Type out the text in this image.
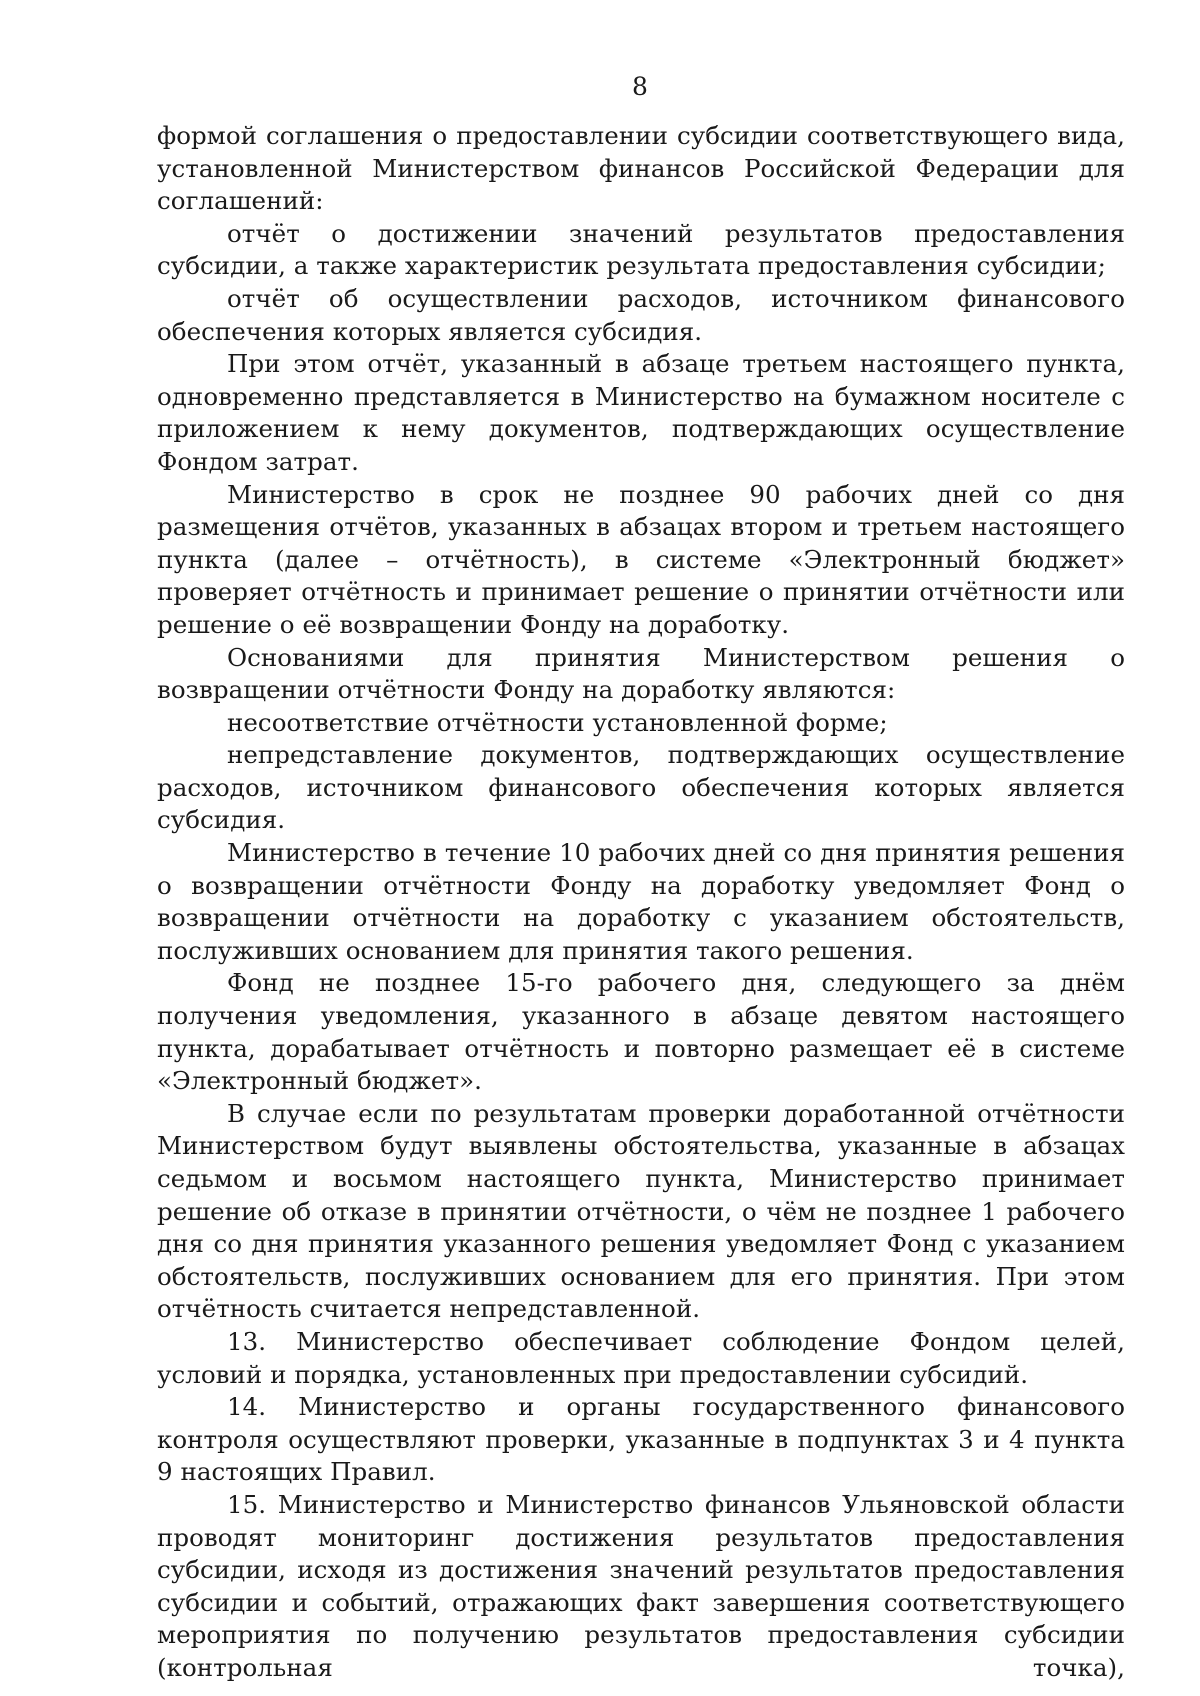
8

формой соглашения о предоставлении субсидии соответствующего вида, установленной Министерством финансов Российской Федерации для соглашений:

отчёт о достижении значений результатов предоставления субсидии, а также характеристик результата предоставления субсидии;

отчёт об осуществлении расходов, источником финансового обеспечения которых является субсидия.

При этом отчёт, указанный в абзаце третьем настоящего пункта, одновременно представляется в Министерство на бумажном носителе с приложением к нему документов, подтверждающих осуществление Фондом затрат.

Министерство в срок не позднее 90 рабочих дней со дня размещения отчётов, указанных в абзацах втором и третьем настоящего пункта (далее – отчётность), в системе «Электронный бюджет» проверяет отчётность и принимает решение о принятии отчётности или решение о её возвращении Фонду на доработку.

Основаниями для принятия Министерством решения о возвращении отчётности Фонду на доработку являются:

несоответствие отчётности установленной форме;

непредставление документов, подтверждающих осуществление расходов, источником финансового обеспечения которых является субсидия.

Министерство в течение 10 рабочих дней со дня принятия решения о возвращении отчётности Фонду на доработку уведомляет Фонд о возвращении отчётности на доработку с указанием обстоятельств, послуживших основанием для принятия такого решения.

Фонд не позднее 15-го рабочего дня, следующего за днём получения уведомления, указанного в абзаце девятом настоящего пункта, дорабатывает отчётность и повторно размещает её в системе «Электронный бюджет».

В случае если по результатам проверки доработанной отчётности Министерством будут выявлены обстоятельства, указанные в абзацах седьмом и восьмом настоящего пункта, Министерство принимает решение об отказе в принятии отчётности, о чём не позднее 1 рабочего дня со дня принятия указанного решения уведомляет Фонд с указанием обстоятельств, послуживших основанием для его принятия. При этом отчётность считается непредставленной.

13. Министерство обеспечивает соблюдение Фондом целей, условий и порядка, установленных при предоставлении субсидий.

14. Министерство и органы государственного финансового контроля осуществляют проверки, указанные в подпунктах 3 и 4 пункта 9 настоящих Правил.

15. Министерство и Министерство финансов Ульяновской области проводят мониторинг достижения результатов предоставления субсидии, исходя из достижения значений результатов предоставления субсидии и событий, отражающих факт завершения соответствующего мероприятия по получению результатов предоставления субсидии (контрольная точка),
